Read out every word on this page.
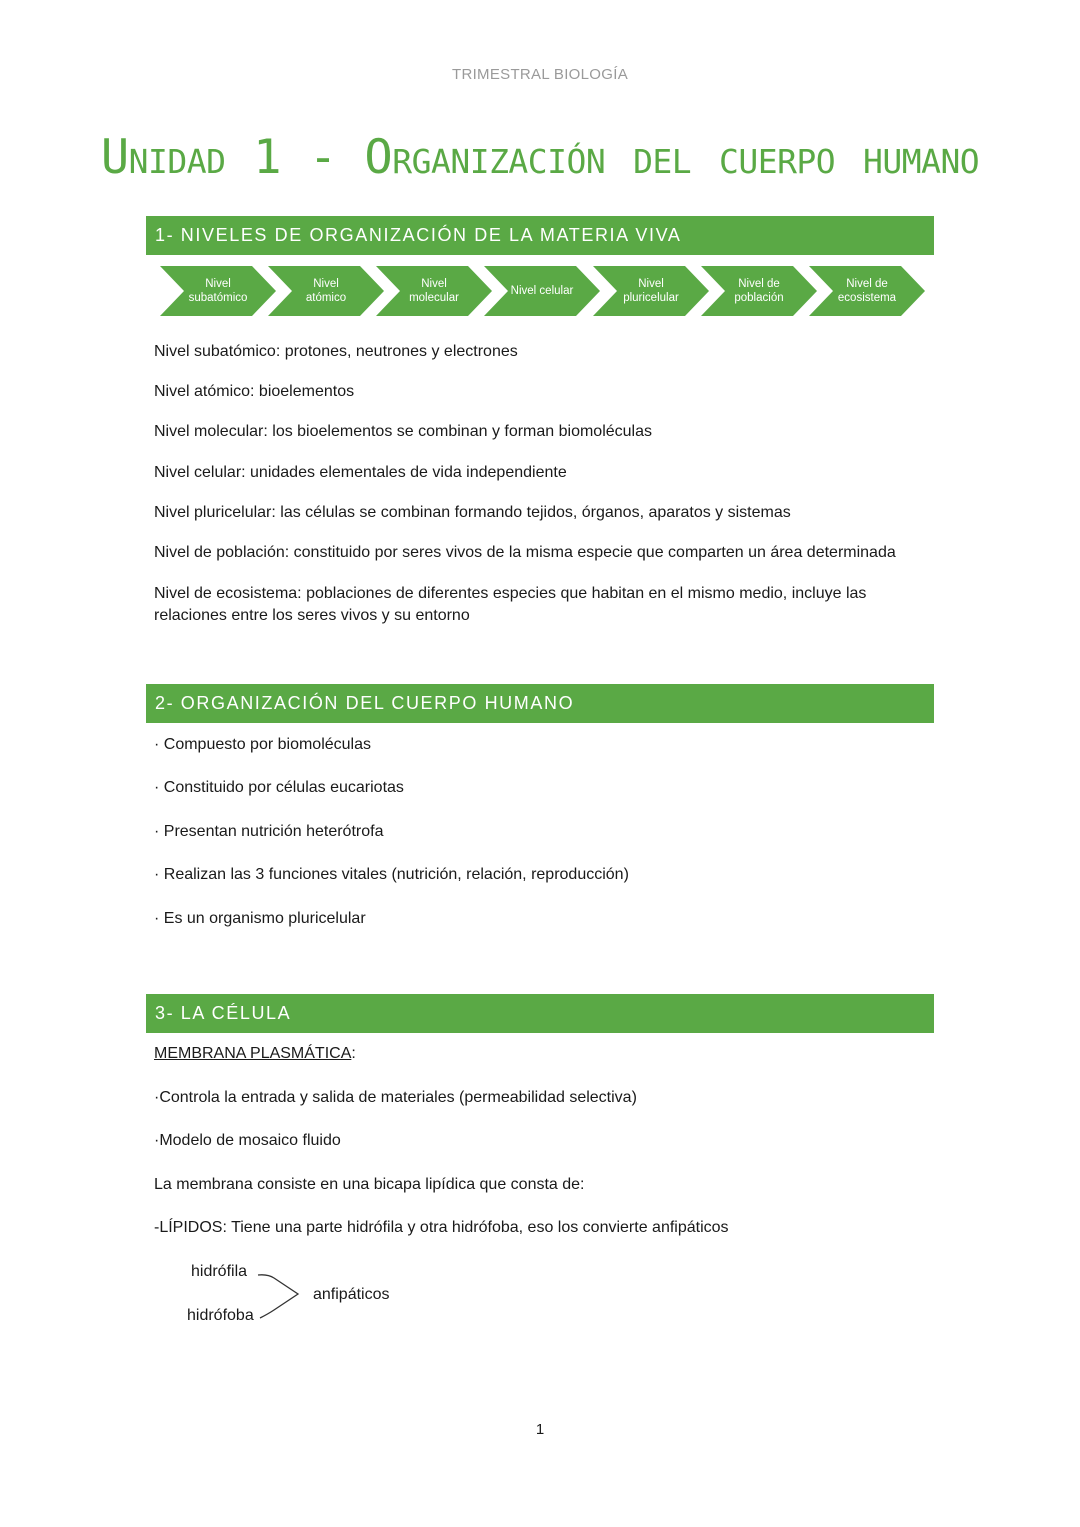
TRIMESTRAL BIOLOGÍA
Unidad 1 - Organización del cuerpo humano
1- NIVELES DE ORGANIZACIÓN DE LA MATERIA VIVA
Nivel
subatómico
Nivel
atómico
Nivel
molecular
Nivel celular
Nivel
pluricelular
Nivel de
población
Nivel de
ecosistema
Nivel subatómico: protones, neutrones y electrones
Nivel atómico: bioelementos
Nivel molecular: los bioelementos se combinan y forman biomoléculas
Nivel celular: unidades elementales de vida independiente
Nivel pluricelular: las células se combinan formando tejidos, órganos, aparatos y sistemas
Nivel de población: constituido por seres vivos de la misma especie que comparten un área determinada
Nivel de ecosistema: poblaciones de diferentes especies que habitan en el mismo medio, incluye las relaciones entre los seres vivos y su entorno
2- ORGANIZACIÓN DEL CUERPO HUMANO
· Compuesto por biomoléculas
· Constituido por células eucariotas
· Presentan nutrición heterótrofa
· Realizan las 3 funciones vitales (nutrición, relación, reproducción)
· Es un organismo pluricelular
3- LA CÉLULA
MEMBRANA PLASMÁTICA:
·Controla la entrada y salida de materiales (permeabilidad selectiva)
·Modelo de mosaico fluido
La membrana consiste en una bicapa lipídica que consta de:
-LÍPIDOS: Tiene una parte hidrófila y otra hidrófoba, eso los convierte anfipáticos
hidrófila
hidrófoba
anfipáticos
1
